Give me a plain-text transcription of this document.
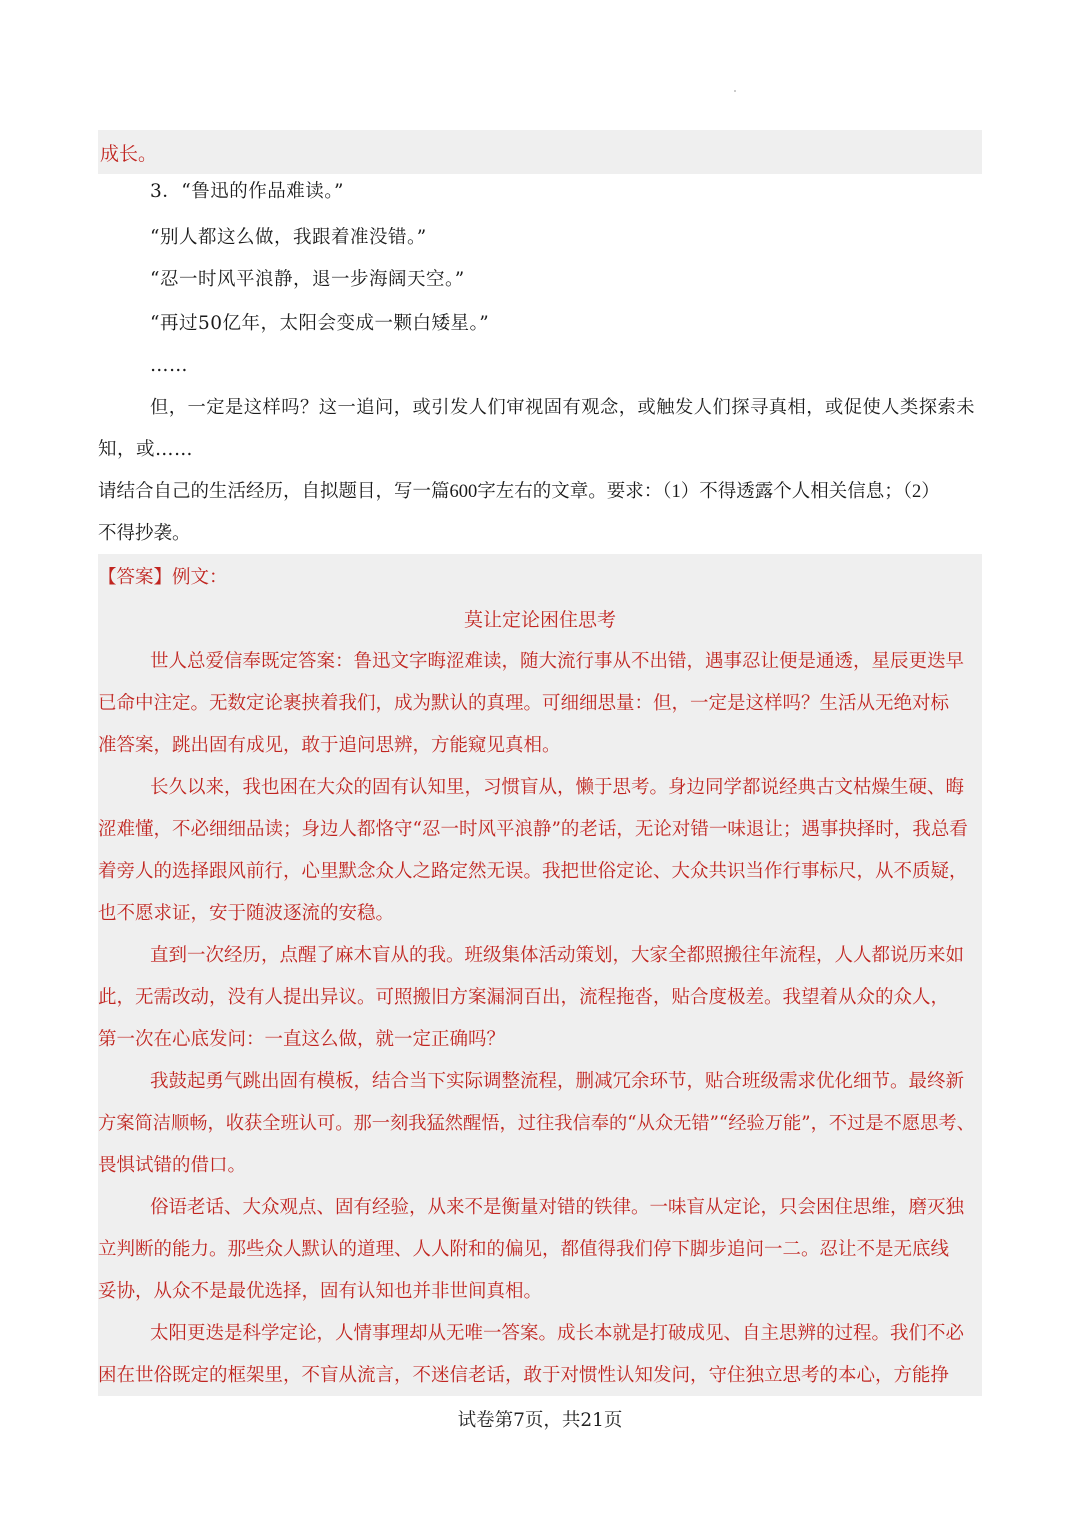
成长。
3．“鲁迅的作品难读。”
“别人都这么做，我跟着准没错。”
“忍一时风平浪静，退一步海阔天空。”
“再过50亿年，太阳会变成一颗白矮星。”
……
但，一定是这样吗？这一追问，或引发人们审视固有观念，或触发人们探寻真相，或促使人类探索未
知，或……
请结合自己的生活经历，自拟题目，写一篇600字左右的文章。要求：（1）不得透露个人相关信息；（2）
不得抄袭。
【答案】例文：
莫让定论困住思考
世人总爱信奉既定答案：鲁迅文字晦涩难读，随大流行事从不出错，遇事忍让便是通透，星辰更迭早
已命中注定。无数定论裹挟着我们，成为默认的真理。可细细思量：但，一定是这样吗？生活从无绝对标
准答案，跳出固有成见，敢于追问思辨，方能窥见真相。
长久以来，我也困在大众的固有认知里，习惯盲从，懒于思考。身边同学都说经典古文枯燥生硬、晦
涩难懂，不必细细品读；身边人都恪守“忍一时风平浪静”的老话，无论对错一味退让；遇事抉择时，我总看
着旁人的选择跟风前行，心里默念众人之路定然无误。我把世俗定论、大众共识当作行事标尺，从不质疑，
也不愿求证，安于随波逐流的安稳。
直到一次经历，点醒了麻木盲从的我。班级集体活动策划，大家全都照搬往年流程，人人都说历来如
此，无需改动，没有人提出异议。可照搬旧方案漏洞百出，流程拖沓，贴合度极差。我望着从众的众人，
第一次在心底发问：一直这么做，就一定正确吗？
我鼓起勇气跳出固有模板，结合当下实际调整流程，删减冗余环节，贴合班级需求优化细节。最终新
方案简洁顺畅，收获全班认可。那一刻我猛然醒悟，过往我信奉的“从众无错”“经验万能”，不过是不愿思考、
畏惧试错的借口。
俗语老话、大众观点、固有经验，从来不是衡量对错的铁律。一味盲从定论，只会困住思维，磨灭独
立判断的能力。那些众人默认的道理、人人附和的偏见，都值得我们停下脚步追问一二。忍让不是无底线
妥协，从众不是最优选择，固有认知也并非世间真相。
太阳更迭是科学定论，人情事理却从无唯一答案。成长本就是打破成见、自主思辨的过程。我们不必
困在世俗既定的框架里，不盲从流言，不迷信老话，敢于对惯性认知发问，守住独立思考的本心，方能挣
试卷第7页，共21页
